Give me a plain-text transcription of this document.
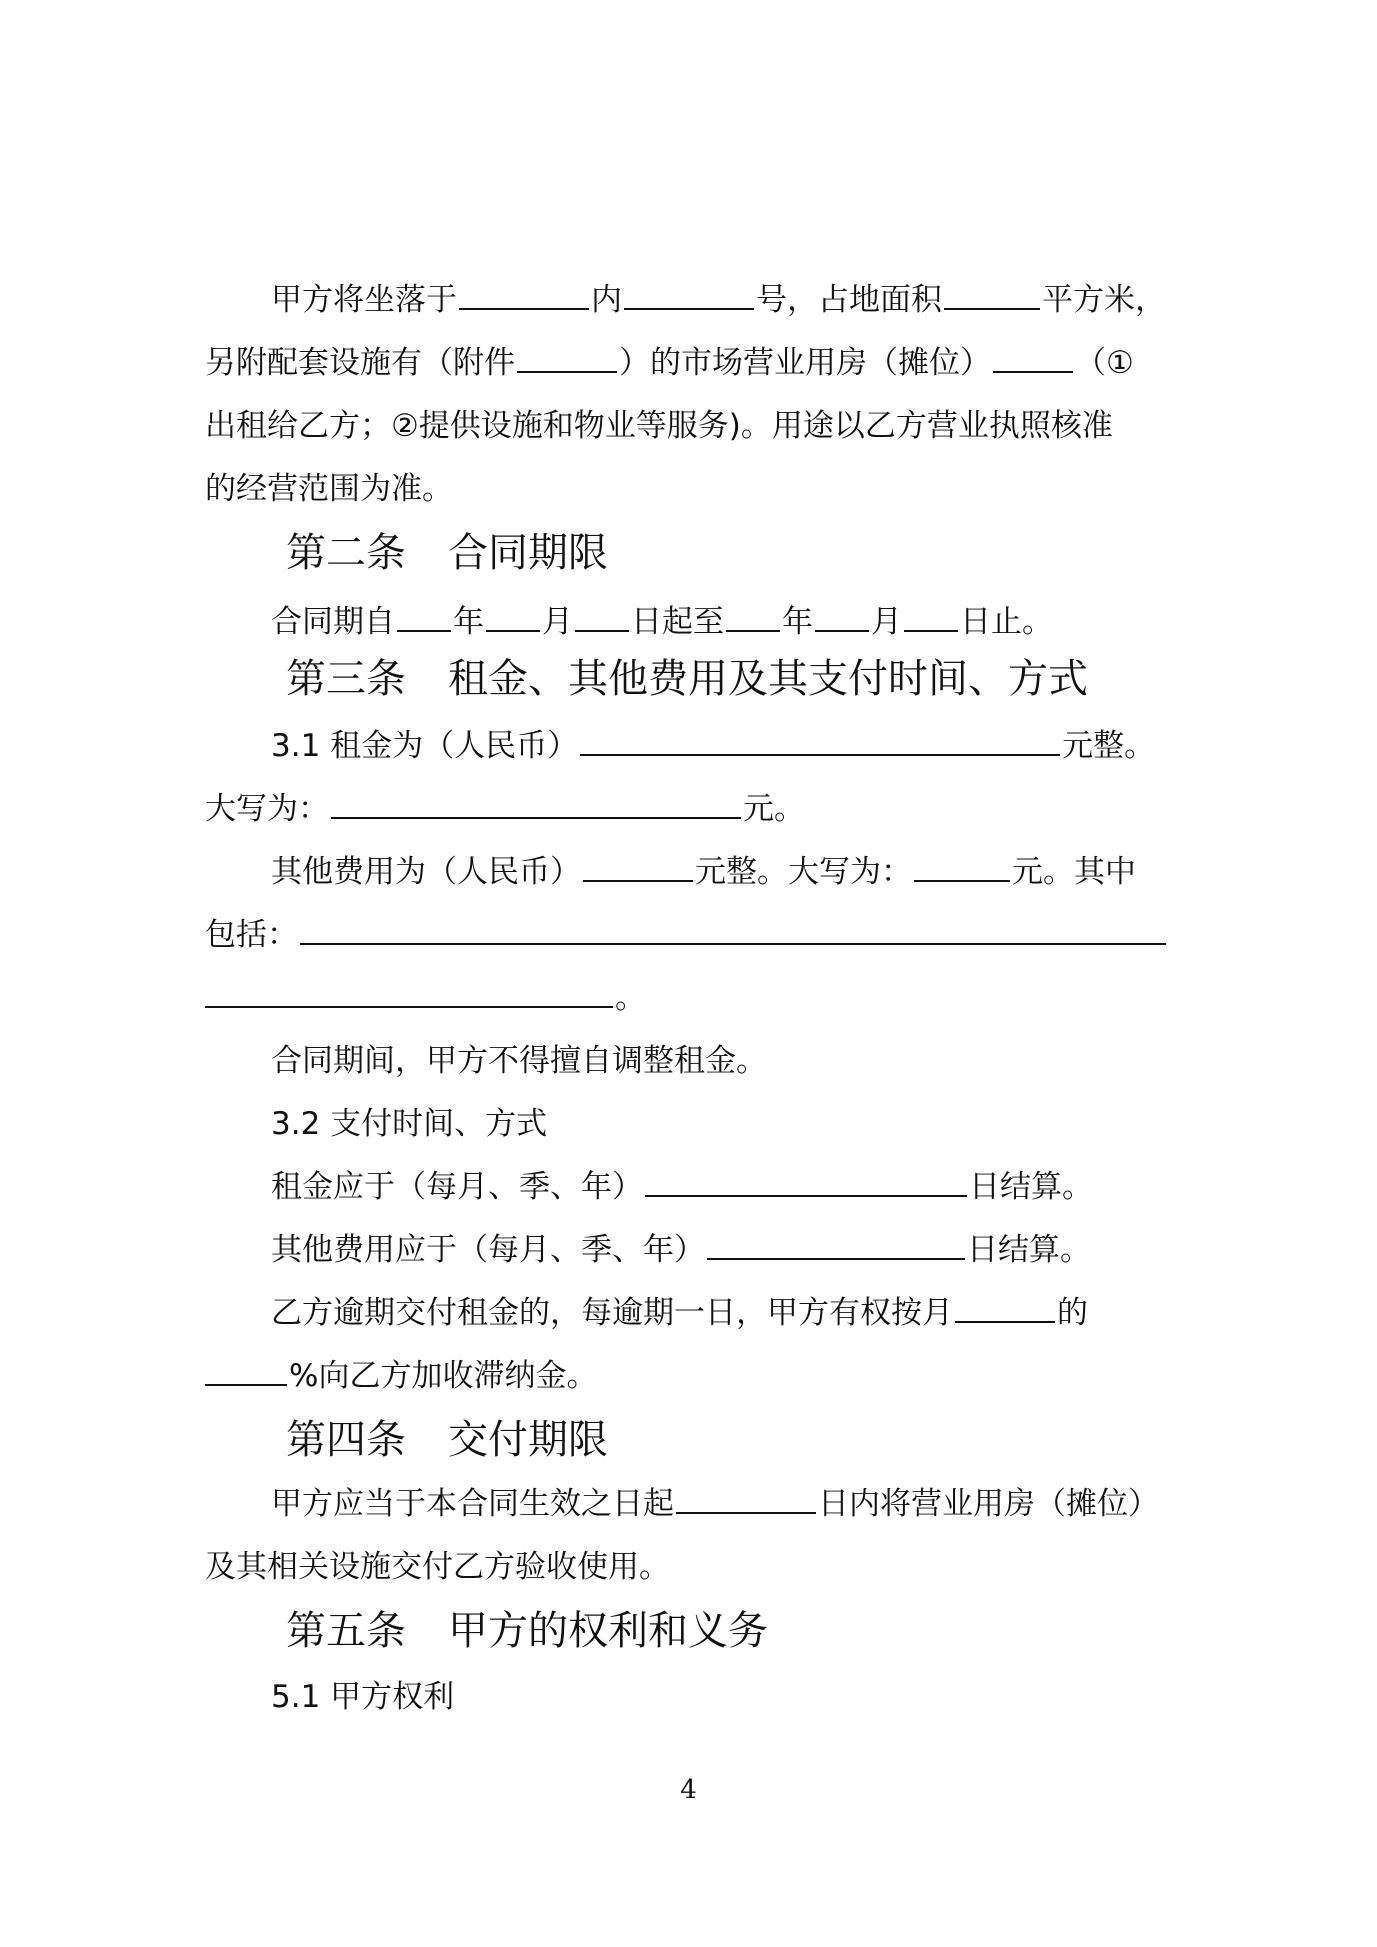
甲方将坐落于	内	号，占地面积	平方米，
另附配套设施有（附件	）的市场营业用房（摊位）	（①
出租给乙方；②提供设施和物业等服务)。用途以乙方营业执照核准
的经营范围为准。
第二条 合同期限
合同期自 年 月 日起至 年 月 日止。
第三条 租金、其他费用及其支付时间、方式
3.1 租金为（人民币）	元整。
大写为：	元。
其他费用为（人民币）	元整。大写为：	元。其中
包括：
。
合同期间，甲方不得擅自调整租金。
3.2 支付时间、方式
租金应于（每月、季、年）	日结算。
其他费用应于（每月、季、年）	日结算。
乙方逾期交付租金的，每逾期一日，甲方有权按月	的
%向乙方加收滞纳金。
第四条 交付期限
甲方应当于本合同生效之日起	日内将营业用房（摊位）
及其相关设施交付乙方验收使用。
第五条 甲方的权利和义务
5.1 甲方权利
4
